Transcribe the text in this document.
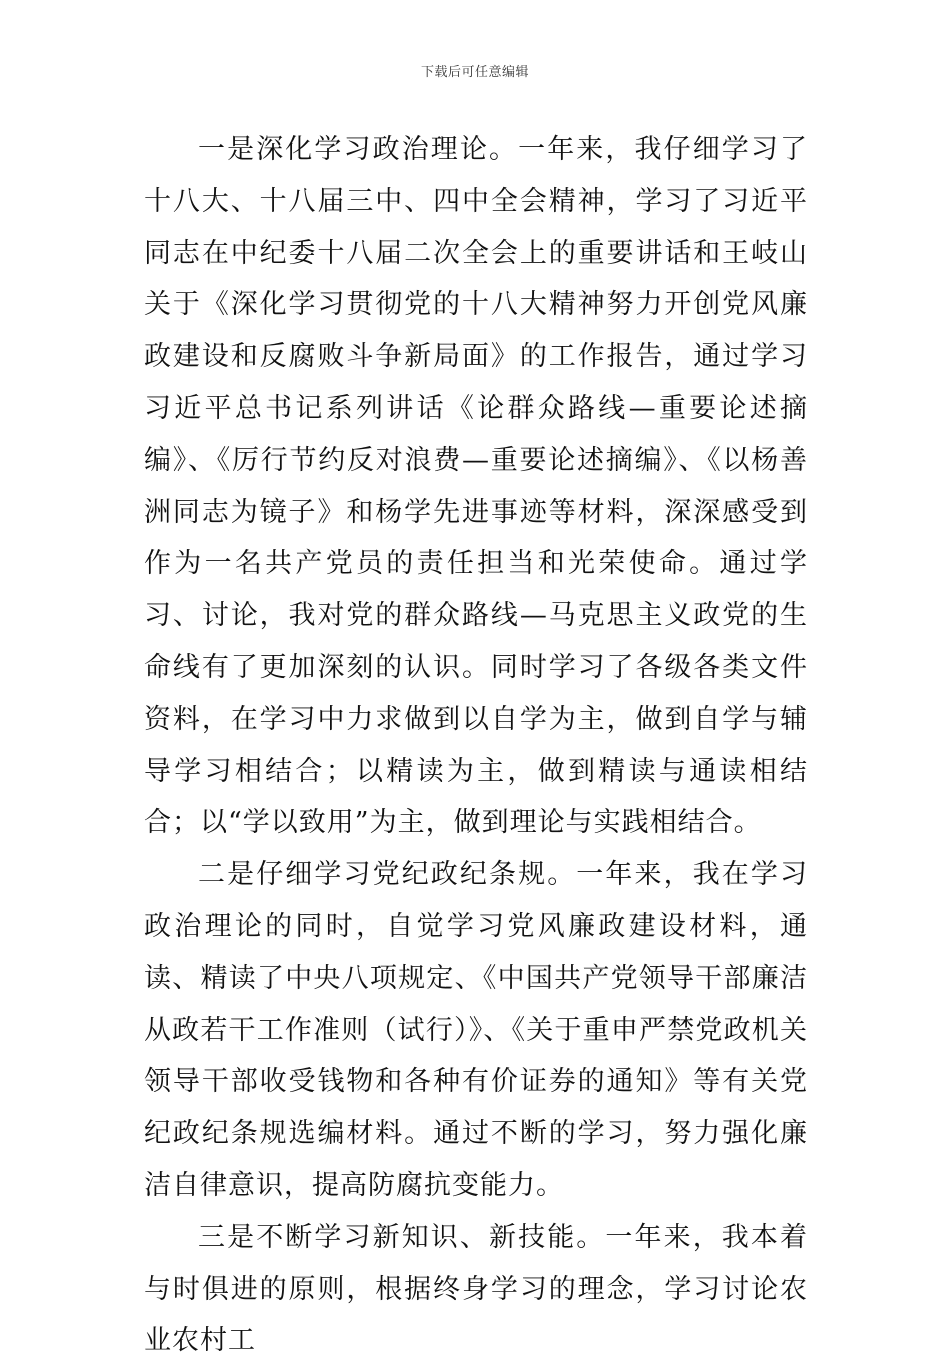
下载后可任意编辑

一是深化学习政治理论。一年来，我仔细学习了十八大、十八届三中、四中全会精神，学习了习近平同志在中纪委十八届二次全会上的重要讲话和王岐山关于《深化学习贯彻党的十八大精神努力开创党风廉政建设和反腐败斗争新局面》的工作报告，通过学习习近平总书记系列讲话《论群众路线—重要论述摘编》、《厉行节约反对浪费—重要论述摘编》、《以杨善洲同志为镜子》和杨学先进事迹等材料，深深感受到作为一名共产党员的责任担当和光荣使命。通过学习、讨论，我对党的群众路线—马克思主义政党的生命线有了更加深刻的认识。同时学习了各级各类文件资料，在学习中力求做到以自学为主，做到自学与辅导学习相结合；以精读为主，做到精读与通读相结合；以“学以致用”为主，做到理论与实践相结合。

二是仔细学习党纪政纪条规。一年来，我在学习政治理论的同时，自觉学习党风廉政建设材料，通读、精读了中央八项规定、《中国共产党领导干部廉洁从政若干工作准则（试行）》、《关于重申严禁党政机关领导干部收受钱物和各种有价证券的通知》等有关党纪政纪条规选编材料。通过不断的学习，努力强化廉洁自律意识，提高防腐抗变能力。

三是不断学习新知识、新技能。一年来，我本着与时俱进的原则，根据终身学习的理念，学习讨论农业农村工
